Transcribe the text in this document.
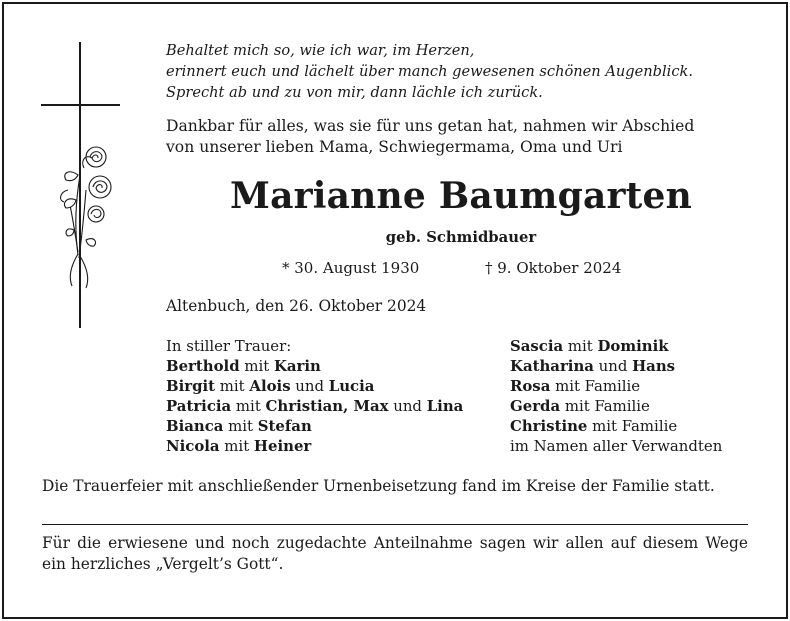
Behaltet mich so, wie ich war, im Herzen,
erinnert euch und lächelt über manch gewesenen schönen Augenblick.
Sprecht ab und zu von mir, dann lächle ich zurück.
Dankbar für alles, was sie für uns getan hat, nahmen wir Abschied
von unserer lieben Mama, Schwiegermama, Oma und Uri
Marianne Baumgarten
geb. Schmidbauer
* 30. August 1930	† 9. Oktober 2024
Altenbuch, den 26. Oktober 2024
In stiller Trauer:
Berthold mit Karin
Birgit mit Alois und Lucia
Patricia mit Christian, Max und Lina
Bianca mit Stefan
Nicola mit Heiner
Sascia mit Dominik
Katharina und Hans
Rosa mit Familie
Gerda mit Familie
Christine mit Familie
im Namen aller Verwandten
Die Trauerfeier mit anschließender Urnenbeisetzung fand im Kreise der Familie statt.
Für die erwiesene und noch zugedachte Anteilnahme sagen wir allen auf diesem Wege ein herzliches „Vergelt’s Gott“.
